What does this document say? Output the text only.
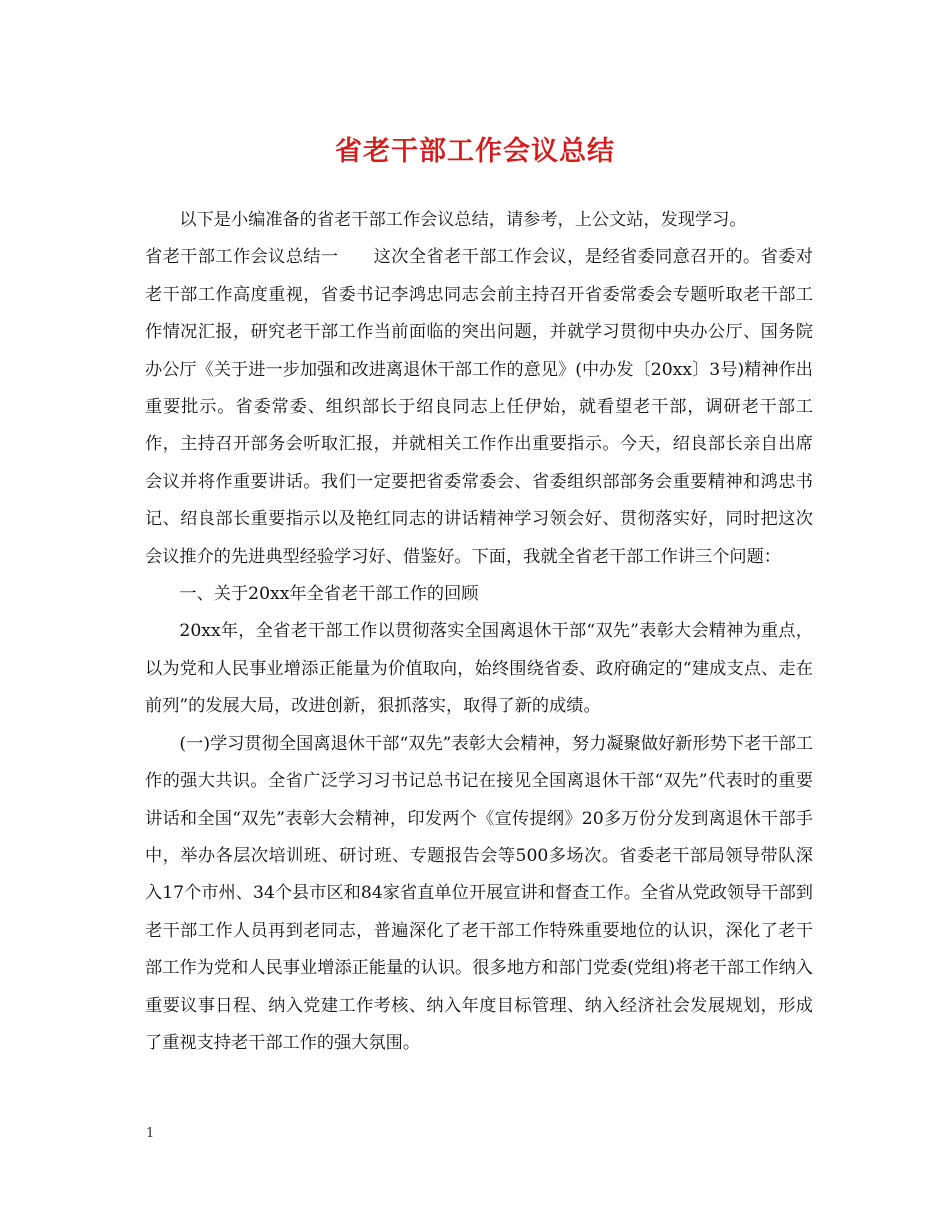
省老干部工作会议总结

以下是小编准备的省老干部工作会议总结，请参考，上公文站，发现学习。

省老干部工作会议总结一　　这次全省老干部工作会议，是经省委同意召开的。省委对老干部工作高度重视，省委书记李鸿忠同志会前主持召开省委常委会专题听取老干部工作情况汇报，研究老干部工作当前面临的突出问题，并就学习贯彻中央办公厅、国务院办公厅《关于进一步加强和改进离退休干部工作的意见》(中办发〔20xx〕3号)精神作出重要批示。省委常委、组织部长于绍良同志上任伊始，就看望老干部，调研老干部工作，主持召开部务会听取汇报，并就相关工作作出重要指示。今天，绍良部长亲自出席会议并将作重要讲话。我们一定要把省委常委会、省委组织部部务会重要精神和鸿忠书记、绍良部长重要指示以及艳红同志的讲话精神学习领会好、贯彻落实好，同时把这次会议推介的先进典型经验学习好、借鉴好。下面，我就全省老干部工作讲三个问题：

一、关于20xx年全省老干部工作的回顾

20xx年，全省老干部工作以贯彻落实全国离退休干部“双先”表彰大会精神为重点，以为党和人民事业增添正能量为价值取向，始终围绕省委、政府确定的“建成支点、走在前列”的发展大局，改进创新，狠抓落实，取得了新的成绩。

(一)学习贯彻全国离退休干部“双先”表彰大会精神，努力凝聚做好新形势下老干部工作的强大共识。全省广泛学习习书记总书记在接见全国离退休干部“双先”代表时的重要讲话和全国“双先”表彰大会精神，印发两个《宣传提纲》20多万份分发到离退休干部手中，举办各层次培训班、研讨班、专题报告会等500多场次。省委老干部局领导带队深入17个市州、34个县市区和84家省直单位开展宣讲和督查工作。全省从党政领导干部到老干部工作人员再到老同志，普遍深化了老干部工作特殊重要地位的认识，深化了老干部工作为党和人民事业增添正能量的认识。很多地方和部门党委(党组)将老干部工作纳入重要议事日程、纳入党建工作考核、纳入年度目标管理、纳入经济社会发展规划，形成了重视支持老干部工作的强大氛围。

1
